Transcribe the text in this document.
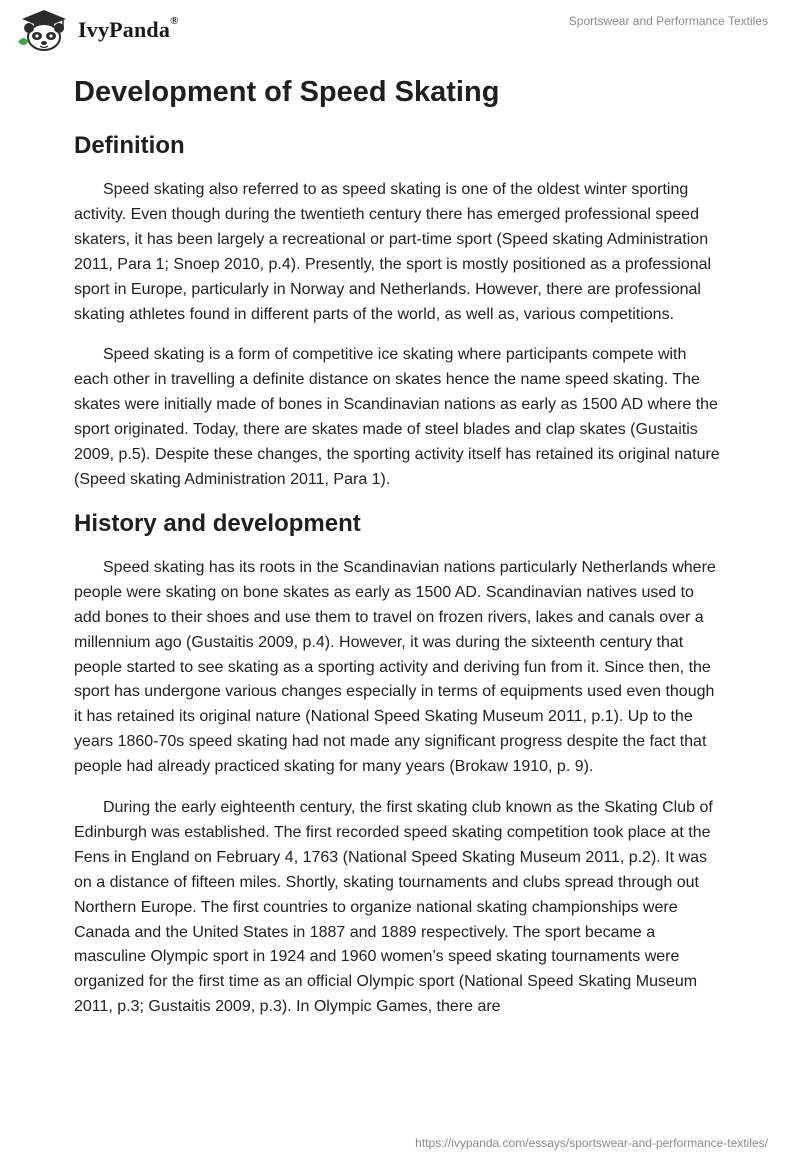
IvyPanda®	Sportswear and Performance Textiles
Development of Speed Skating
Definition

Speed skating also referred to as speed skating is one of the oldest winter sporting activity. Even though during the twentieth century there has emerged professional speed skaters, it has been largely a recreational or part-time sport (Speed skating Administration 2011, Para 1; Snoep 2010, p.4). Presently, the sport is mostly positioned as a professional sport in Europe, particularly in Norway and Netherlands. However, there are professional skating athletes found in different parts of the world, as well as, various competitions.

Speed skating is a form of competitive ice skating where participants compete with each other in travelling a definite distance on skates hence the name speed skating. The skates were initially made of bones in Scandinavian nations as early as 1500 AD where the sport originated. Today, there are skates made of steel blades and clap skates (Gustaitis 2009, p.5). Despite these changes, the sporting activity itself has retained its original nature (Speed skating Administration 2011, Para 1).

History and development

Speed skating has its roots in the Scandinavian nations particularly Netherlands where people were skating on bone skates as early as 1500 AD. Scandinavian natives used to add bones to their shoes and use them to travel on frozen rivers, lakes and canals over a millennium ago (Gustaitis 2009, p.4). However, it was during the sixteenth century that people started to see skating as a sporting activity and deriving fun from it. Since then, the sport has undergone various changes especially in terms of equipments used even though it has retained its original nature (National Speed Skating Museum 2011, p.1). Up to the years 1860-70s speed skating had not made any significant progress despite the fact that people had already practiced skating for many years (Brokaw 1910, p. 9).

During the early eighteenth century, the first skating club known as the Skating Club of Edinburgh was established. The first recorded speed skating competition took place at the Fens in England on February 4, 1763 (National Speed Skating Museum 2011, p.2). It was on a distance of fifteen miles. Shortly, skating tournaments and clubs spread through out Northern Europe. The first countries to organize national skating championships were Canada and the United States in 1887 and 1889 respectively. The sport became a masculine Olympic sport in 1924 and 1960 women’s speed skating tournaments were organized for the first time as an official Olympic sport (National Speed Skating Museum 2011, p.3; Gustaitis 2009, p.3). In Olympic Games, there are

https://ivypanda.com/essays/sportswear-and-performance-textiles/
